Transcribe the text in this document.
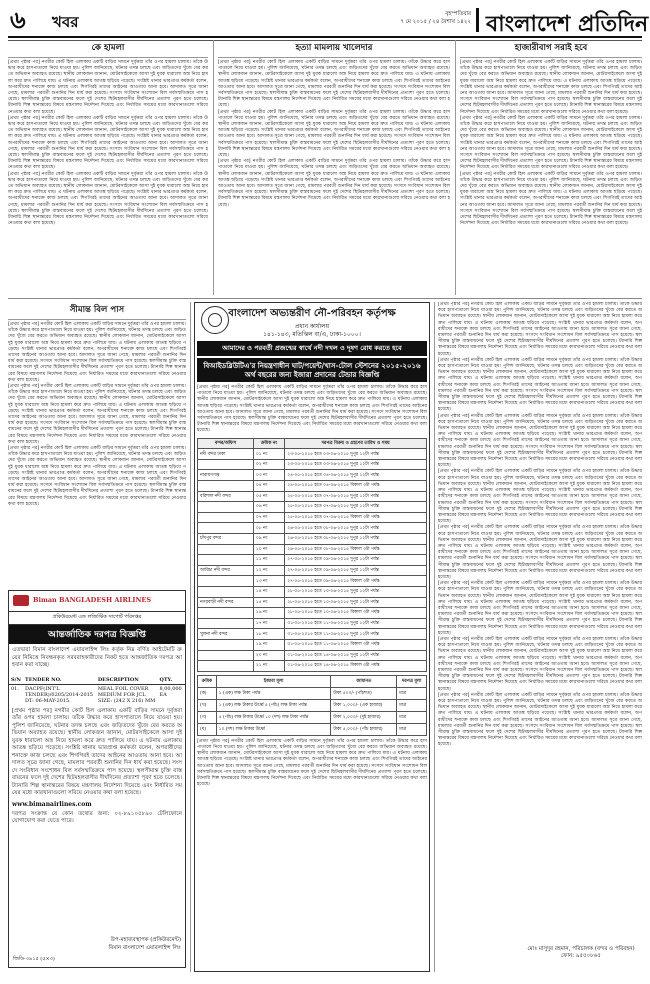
৬ খবর	বৃহস্পতিবার
৭ মে ২০১৫ / ২৪ বৈশাখ ১৪২২ বাংলাদেশ প্রতিদিন
কে হামলা
[প্রথম পৃষ্ঠার পর] নগরীর কোর্ট হিল এলাকায় একটি বাড়ির সামনে দুর্বৃত্তরা তাঁর ওপর হামলা চালায়। তাঁকে উদ্ধার করে হাসপাতালে নিয়ে যাওয়া হয়। পুলিশ জানিয়েছে, ঘটনার তদন্ত চলছে এবং জড়িতদের খুঁজে বের করতে অভিযান অব্যাহত রয়েছে। স্থানীয় লোকজন জানান, মোটরসাইকেলে আসা দুই যুবক ধারালো অস্ত্র নিয়ে হামলা করে দ্রুত পালিয়ে যায়। এ ঘটনায় এলাকায় আতঙ্ক ছড়িয়ে পড়েছে। সংশ্লিষ্ট থানার ভারপ্রাপ্ত কর্মকর্তা বলেন, অপরাধীদের শনাক্তে কাজ চলছে এবং শিগগিরই তাদের আইনের আওতায় আনা হবে। আদালত সূত্রে জানা গেছে, মামলার পরবর্তী শুনানির দিন ধার্য করা হয়েছে। সংসদে সংবিধান সংশোধন বিল সর্বসম্মতিক্রমে পাস হয়েছে। স্থলসীমান্ত চুক্তি বাস্তবায়নের ফলে দুই দেশের ছিটমহলবাসীর দীর্ঘদিনের প্রত্যাশা পূরণ হতে চলেছে। ট্যানারি শিল্প স্থানান্তরের বিষয়ে মন্ত্রণালয় নির্দেশনা দিয়েছে এবং নির্ধারিত সময়ের মধ্যে কারখানাগুলো সরিয়ে নেওয়ার কথা বলা হয়েছে।
[প্রথম পৃষ্ঠার পর] নগরীর কোর্ট হিল এলাকায় একটি বাড়ির সামনে দুর্বৃত্তরা তাঁর ওপর হামলা চালায়। তাঁকে উদ্ধার করে হাসপাতালে নিয়ে যাওয়া হয়। পুলিশ জানিয়েছে, ঘটনার তদন্ত চলছে এবং জড়িতদের খুঁজে বের করতে অভিযান অব্যাহত রয়েছে। স্থানীয় লোকজন জানান, মোটরসাইকেলে আসা দুই যুবক ধারালো অস্ত্র নিয়ে হামলা করে দ্রুত পালিয়ে যায়। এ ঘটনায় এলাকায় আতঙ্ক ছড়িয়ে পড়েছে। সংশ্লিষ্ট থানার ভারপ্রাপ্ত কর্মকর্তা বলেন, অপরাধীদের শনাক্তে কাজ চলছে এবং শিগগিরই তাদের আইনের আওতায় আনা হবে। আদালত সূত্রে জানা গেছে, মামলার পরবর্তী শুনানির দিন ধার্য করা হয়েছে। সংসদে সংবিধান সংশোধন বিল সর্বসম্মতিক্রমে পাস হয়েছে। স্থলসীমান্ত চুক্তি বাস্তবায়নের ফলে দুই দেশের ছিটমহলবাসীর দীর্ঘদিনের প্রত্যাশা পূরণ হতে চলেছে। ট্যানারি শিল্প স্থানান্তরের বিষয়ে মন্ত্রণালয় নির্দেশনা দিয়েছে এবং নির্ধারিত সময়ের মধ্যে কারখানাগুলো সরিয়ে নেওয়ার কথা বলা হয়েছে।
[প্রথম পৃষ্ঠার পর] নগরীর কোর্ট হিল এলাকায় একটি বাড়ির সামনে দুর্বৃত্তরা তাঁর ওপর হামলা চালায়। তাঁকে উদ্ধার করে হাসপাতালে নিয়ে যাওয়া হয়। পুলিশ জানিয়েছে, ঘটনার তদন্ত চলছে এবং জড়িতদের খুঁজে বের করতে অভিযান অব্যাহত রয়েছে। স্থানীয় লোকজন জানান, মোটরসাইকেলে আসা দুই যুবক ধারালো অস্ত্র নিয়ে হামলা করে দ্রুত পালিয়ে যায়। এ ঘটনায় এলাকায় আতঙ্ক ছড়িয়ে পড়েছে। সংশ্লিষ্ট থানার ভারপ্রাপ্ত কর্মকর্তা বলেন, অপরাধীদের শনাক্তে কাজ চলছে এবং শিগগিরই তাদের আইনের আওতায় আনা হবে। আদালত সূত্রে জানা গেছে, মামলার পরবর্তী শুনানির দিন ধার্য করা হয়েছে। সংসদে সংবিধান সংশোধন বিল সর্বসম্মতিক্রমে পাস হয়েছে। স্থলসীমান্ত চুক্তি বাস্তবায়নের ফলে দুই দেশের ছিটমহলবাসীর দীর্ঘদিনের প্রত্যাশা পূরণ হতে চলেছে। ট্যানারি শিল্প স্থানান্তরের বিষয়ে মন্ত্রণালয় নির্দেশনা দিয়েছে এবং নির্ধারিত সময়ের মধ্যে কারখানাগুলো সরিয়ে নেওয়ার কথা বলা হয়েছে।
হত্যা মামলায় খালেদার
[প্রথম পৃষ্ঠার পর] নগরীর কোর্ট হিল এলাকায় একটি বাড়ির সামনে দুর্বৃত্তরা তাঁর ওপর হামলা চালায়। তাঁকে উদ্ধার করে হাসপাতালে নিয়ে যাওয়া হয়। পুলিশ জানিয়েছে, ঘটনার তদন্ত চলছে এবং জড়িতদের খুঁজে বের করতে অভিযান অব্যাহত রয়েছে। স্থানীয় লোকজন জানান, মোটরসাইকেলে আসা দুই যুবক ধারালো অস্ত্র নিয়ে হামলা করে দ্রুত পালিয়ে যায়। এ ঘটনায় এলাকায় আতঙ্ক ছড়িয়ে পড়েছে। সংশ্লিষ্ট থানার ভারপ্রাপ্ত কর্মকর্তা বলেন, অপরাধীদের শনাক্তে কাজ চলছে এবং শিগগিরই তাদের আইনের আওতায় আনা হবে। আদালত সূত্রে জানা গেছে, মামলার পরবর্তী শুনানির দিন ধার্য করা হয়েছে। সংসদে সংবিধান সংশোধন বিল সর্বসম্মতিক্রমে পাস হয়েছে। স্থলসীমান্ত চুক্তি বাস্তবায়নের ফলে দুই দেশের ছিটমহলবাসীর দীর্ঘদিনের প্রত্যাশা পূরণ হতে চলেছে। ট্যানারি শিল্প স্থানান্তরের বিষয়ে মন্ত্রণালয় নির্দেশনা দিয়েছে এবং নির্ধারিত সময়ের মধ্যে কারখানাগুলো সরিয়ে নেওয়ার কথা বলা হয়েছে।
[প্রথম পৃষ্ঠার পর] নগরীর কোর্ট হিল এলাকায় একটি বাড়ির সামনে দুর্বৃত্তরা তাঁর ওপর হামলা চালায়। তাঁকে উদ্ধার করে হাসপাতালে নিয়ে যাওয়া হয়। পুলিশ জানিয়েছে, ঘটনার তদন্ত চলছে এবং জড়িতদের খুঁজে বের করতে অভিযান অব্যাহত রয়েছে। স্থানীয় লোকজন জানান, মোটরসাইকেলে আসা দুই যুবক ধারালো অস্ত্র নিয়ে হামলা করে দ্রুত পালিয়ে যায়। এ ঘটনায় এলাকায় আতঙ্ক ছড়িয়ে পড়েছে। সংশ্লিষ্ট থানার ভারপ্রাপ্ত কর্মকর্তা বলেন, অপরাধীদের শনাক্তে কাজ চলছে এবং শিগগিরই তাদের আইনের আওতায় আনা হবে। আদালত সূত্রে জানা গেছে, মামলার পরবর্তী শুনানির দিন ধার্য করা হয়েছে। সংসদে সংবিধান সংশোধন বিল সর্বসম্মতিক্রমে পাস হয়েছে। স্থলসীমান্ত চুক্তি বাস্তবায়নের ফলে দুই দেশের ছিটমহলবাসীর দীর্ঘদিনের প্রত্যাশা পূরণ হতে চলেছে। ট্যানারি শিল্প স্থানান্তরের বিষয়ে মন্ত্রণালয় নির্দেশনা দিয়েছে এবং নির্ধারিত সময়ের মধ্যে কারখানাগুলো সরিয়ে নেওয়ার কথা বলা হয়েছে।
[প্রথম পৃষ্ঠার পর] নগরীর কোর্ট হিল এলাকায় একটি বাড়ির সামনে দুর্বৃত্তরা তাঁর ওপর হামলা চালায়। তাঁকে উদ্ধার করে হাসপাতালে নিয়ে যাওয়া হয়। পুলিশ জানিয়েছে, ঘটনার তদন্ত চলছে এবং জড়িতদের খুঁজে বের করতে অভিযান অব্যাহত রয়েছে। স্থানীয় লোকজন জানান, মোটরসাইকেলে আসা দুই যুবক ধারালো অস্ত্র নিয়ে হামলা করে দ্রুত পালিয়ে যায়। এ ঘটনায় এলাকায় আতঙ্ক ছড়িয়ে পড়েছে। সংশ্লিষ্ট থানার ভারপ্রাপ্ত কর্মকর্তা বলেন, অপরাধীদের শনাক্তে কাজ চলছে এবং শিগগিরই তাদের আইনের আওতায় আনা হবে। আদালত সূত্রে জানা গেছে, মামলার পরবর্তী শুনানির দিন ধার্য করা হয়েছে। সংসদে সংবিধান সংশোধন বিল সর্বসম্মতিক্রমে পাস হয়েছে। স্থলসীমান্ত চুক্তি বাস্তবায়নের ফলে দুই দেশের ছিটমহলবাসীর দীর্ঘদিনের প্রত্যাশা পূরণ হতে চলেছে। ট্যানারি শিল্প স্থানান্তরের বিষয়ে মন্ত্রণালয় নির্দেশনা দিয়েছে এবং নির্ধারিত সময়ের মধ্যে কারখানাগুলো সরিয়ে নেওয়ার কথা বলা হয়েছে।
হাজারীবাগ সরাই হবে
[প্রথম পৃষ্ঠার পর] নগরীর কোর্ট হিল এলাকায় একটি বাড়ির সামনে দুর্বৃত্তরা তাঁর ওপর হামলা চালায়। তাঁকে উদ্ধার করে হাসপাতালে নিয়ে যাওয়া হয়। পুলিশ জানিয়েছে, ঘটনার তদন্ত চলছে এবং জড়িতদের খুঁজে বের করতে অভিযান অব্যাহত রয়েছে। স্থানীয় লোকজন জানান, মোটরসাইকেলে আসা দুই যুবক ধারালো অস্ত্র নিয়ে হামলা করে দ্রুত পালিয়ে যায়। এ ঘটনায় এলাকায় আতঙ্ক ছড়িয়ে পড়েছে। সংশ্লিষ্ট থানার ভারপ্রাপ্ত কর্মকর্তা বলেন, অপরাধীদের শনাক্তে কাজ চলছে এবং শিগগিরই তাদের আইনের আওতায় আনা হবে। আদালত সূত্রে জানা গেছে, মামলার পরবর্তী শুনানির দিন ধার্য করা হয়েছে। সংসদে সংবিধান সংশোধন বিল সর্বসম্মতিক্রমে পাস হয়েছে। স্থলসীমান্ত চুক্তি বাস্তবায়নের ফলে দুই দেশের ছিটমহলবাসীর দীর্ঘদিনের প্রত্যাশা পূরণ হতে চলেছে। ট্যানারি শিল্প স্থানান্তরের বিষয়ে মন্ত্রণালয় নির্দেশনা দিয়েছে এবং নির্ধারিত সময়ের মধ্যে কারখানাগুলো সরিয়ে নেওয়ার কথা বলা হয়েছে।
[প্রথম পৃষ্ঠার পর] নগরীর কোর্ট হিল এলাকায় একটি বাড়ির সামনে দুর্বৃত্তরা তাঁর ওপর হামলা চালায়। তাঁকে উদ্ধার করে হাসপাতালে নিয়ে যাওয়া হয়। পুলিশ জানিয়েছে, ঘটনার তদন্ত চলছে এবং জড়িতদের খুঁজে বের করতে অভিযান অব্যাহত রয়েছে। স্থানীয় লোকজন জানান, মোটরসাইকেলে আসা দুই যুবক ধারালো অস্ত্র নিয়ে হামলা করে দ্রুত পালিয়ে যায়। এ ঘটনায় এলাকায় আতঙ্ক ছড়িয়ে পড়েছে। সংশ্লিষ্ট থানার ভারপ্রাপ্ত কর্মকর্তা বলেন, অপরাধীদের শনাক্তে কাজ চলছে এবং শিগগিরই তাদের আইনের আওতায় আনা হবে। আদালত সূত্রে জানা গেছে, মামলার পরবর্তী শুনানির দিন ধার্য করা হয়েছে। সংসদে সংবিধান সংশোধন বিল সর্বসম্মতিক্রমে পাস হয়েছে। স্থলসীমান্ত চুক্তি বাস্তবায়নের ফলে দুই দেশের ছিটমহলবাসীর দীর্ঘদিনের প্রত্যাশা পূরণ হতে চলেছে। ট্যানারি শিল্প স্থানান্তরের বিষয়ে মন্ত্রণালয় নির্দেশনা দিয়েছে এবং নির্ধারিত সময়ের মধ্যে কারখানাগুলো সরিয়ে নেওয়ার কথা বলা হয়েছে।
[প্রথম পৃষ্ঠার পর] নগরীর কোর্ট হিল এলাকায় একটি বাড়ির সামনে দুর্বৃত্তরা তাঁর ওপর হামলা চালায়। তাঁকে উদ্ধার করে হাসপাতালে নিয়ে যাওয়া হয়। পুলিশ জানিয়েছে, ঘটনার তদন্ত চলছে এবং জড়িতদের খুঁজে বের করতে অভিযান অব্যাহত রয়েছে। স্থানীয় লোকজন জানান, মোটরসাইকেলে আসা দুই যুবক ধারালো অস্ত্র নিয়ে হামলা করে দ্রুত পালিয়ে যায়। এ ঘটনায় এলাকায় আতঙ্ক ছড়িয়ে পড়েছে। সংশ্লিষ্ট থানার ভারপ্রাপ্ত কর্মকর্তা বলেন, অপরাধীদের শনাক্তে কাজ চলছে এবং শিগগিরই তাদের আইনের আওতায় আনা হবে। আদালত সূত্রে জানা গেছে, মামলার পরবর্তী শুনানির দিন ধার্য করা হয়েছে। সংসদে সংবিধান সংশোধন বিল সর্বসম্মতিক্রমে পাস হয়েছে। স্থলসীমান্ত চুক্তি বাস্তবায়নের ফলে দুই দেশের ছিটমহলবাসীর দীর্ঘদিনের প্রত্যাশা পূরণ হতে চলেছে। ট্যানারি শিল্প স্থানান্তরের বিষয়ে মন্ত্রণালয় নির্দেশনা দিয়েছে এবং নির্ধারিত সময়ের মধ্যে কারখানাগুলো সরিয়ে নেওয়ার কথা বলা হয়েছে।
সীমান্ত বিল পাস
[প্রথম পৃষ্ঠার পর] নগরীর কোর্ট হিল এলাকায় একটি বাড়ির সামনে দুর্বৃত্তরা তাঁর ওপর হামলা চালায়। তাঁকে উদ্ধার করে হাসপাতালে নিয়ে যাওয়া হয়। পুলিশ জানিয়েছে, ঘটনার তদন্ত চলছে এবং জড়িতদের খুঁজে বের করতে অভিযান অব্যাহত রয়েছে। স্থানীয় লোকজন জানান, মোটরসাইকেলে আসা দুই যুবক ধারালো অস্ত্র নিয়ে হামলা করে দ্রুত পালিয়ে যায়। এ ঘটনায় এলাকায় আতঙ্ক ছড়িয়ে পড়েছে। সংশ্লিষ্ট থানার ভারপ্রাপ্ত কর্মকর্তা বলেন, অপরাধীদের শনাক্তে কাজ চলছে এবং শিগগিরই তাদের আইনের আওতায় আনা হবে। আদালত সূত্রে জানা গেছে, মামলার পরবর্তী শুনানির দিন ধার্য করা হয়েছে। সংসদে সংবিধান সংশোধন বিল সর্বসম্মতিক্রমে পাস হয়েছে। স্থলসীমান্ত চুক্তি বাস্তবায়নের ফলে দুই দেশের ছিটমহলবাসীর দীর্ঘদিনের প্রত্যাশা পূরণ হতে চলেছে। ট্যানারি শিল্প স্থানান্তরের বিষয়ে মন্ত্রণালয় নির্দেশনা দিয়েছে এবং নির্ধারিত সময়ের মধ্যে কারখানাগুলো সরিয়ে নেওয়ার কথা বলা হয়েছে।
[প্রথম পৃষ্ঠার পর] নগরীর কোর্ট হিল এলাকায় একটি বাড়ির সামনে দুর্বৃত্তরা তাঁর ওপর হামলা চালায়। তাঁকে উদ্ধার করে হাসপাতালে নিয়ে যাওয়া হয়। পুলিশ জানিয়েছে, ঘটনার তদন্ত চলছে এবং জড়িতদের খুঁজে বের করতে অভিযান অব্যাহত রয়েছে। স্থানীয় লোকজন জানান, মোটরসাইকেলে আসা দুই যুবক ধারালো অস্ত্র নিয়ে হামলা করে দ্রুত পালিয়ে যায়। এ ঘটনায় এলাকায় আতঙ্ক ছড়িয়ে পড়েছে। সংশ্লিষ্ট থানার ভারপ্রাপ্ত কর্মকর্তা বলেন, অপরাধীদের শনাক্তে কাজ চলছে এবং শিগগিরই তাদের আইনের আওতায় আনা হবে। আদালত সূত্রে জানা গেছে, মামলার পরবর্তী শুনানির দিন ধার্য করা হয়েছে। সংসদে সংবিধান সংশোধন বিল সর্বসম্মতিক্রমে পাস হয়েছে। স্থলসীমান্ত চুক্তি বাস্তবায়নের ফলে দুই দেশের ছিটমহলবাসীর দীর্ঘদিনের প্রত্যাশা পূরণ হতে চলেছে। ট্যানারি শিল্প স্থানান্তরের বিষয়ে মন্ত্রণালয় নির্দেশনা দিয়েছে এবং নির্ধারিত সময়ের মধ্যে কারখানাগুলো সরিয়ে নেওয়ার কথা বলা হয়েছে।
[প্রথম পৃষ্ঠার পর] নগরীর কোর্ট হিল এলাকায় একটি বাড়ির সামনে দুর্বৃত্তরা তাঁর ওপর হামলা চালায়। তাঁকে উদ্ধার করে হাসপাতালে নিয়ে যাওয়া হয়। পুলিশ জানিয়েছে, ঘটনার তদন্ত চলছে এবং জড়িতদের খুঁজে বের করতে অভিযান অব্যাহত রয়েছে। স্থানীয় লোকজন জানান, মোটরসাইকেলে আসা দুই যুবক ধারালো অস্ত্র নিয়ে হামলা করে দ্রুত পালিয়ে যায়। এ ঘটনায় এলাকায় আতঙ্ক ছড়িয়ে পড়েছে। সংশ্লিষ্ট থানার ভারপ্রাপ্ত কর্মকর্তা বলেন, অপরাধীদের শনাক্তে কাজ চলছে এবং শিগগিরই তাদের আইনের আওতায় আনা হবে। আদালত সূত্রে জানা গেছে, মামলার পরবর্তী শুনানির দিন ধার্য করা হয়েছে। সংসদে সংবিধান সংশোধন বিল সর্বসম্মতিক্রমে পাস হয়েছে। স্থলসীমান্ত চুক্তি বাস্তবায়নের ফলে দুই দেশের ছিটমহলবাসীর দীর্ঘদিনের প্রত্যাশা পূরণ হতে চলেছে। ট্যানারি শিল্প স্থানান্তরের বিষয়ে মন্ত্রণালয় নির্দেশনা দিয়েছে এবং নির্ধারিত সময়ের মধ্যে কারখানাগুলো সরিয়ে নেওয়ার কথা বলা হয়েছে।
Biman BANGLADESH AIRLINES
প্রকিউরমেন্ট এন্ড লজিস্টিক সাপোর্ট পরিদপ্তর
আন্তর্জাতিক দরপত্র বিজ্ঞপ্তি
এতদ্বারা বিমান বাংলাদেশ এয়ারলাইন্স লিঃ কর্তৃক নিম্ন বর্ণিত আইটেমটি ক্রয়ের নিমিত্তে নিবন্ধনকৃত সরবরাহকারীদের নিকট হতে আন্তর্জাতিক দরপত্র আহবান করা যাচ্ছে।
S/N	TENDER NO.	DESCRIPTION	QTY.
01.	DACPF(INT'L TENDER)/0205/2014-2015 DT: 06-MAY-2015.	MEAL FOIL COVER MEDIUM FOR JCL SIZE: (242 X 216) MM	8,00,000 EA
[প্রথম পৃষ্ঠার পর] নগরীর কোর্ট হিল এলাকায় একটি বাড়ির সামনে দুর্বৃত্তরা তাঁর ওপর হামলা চালায়। তাঁকে উদ্ধার করে হাসপাতালে নিয়ে যাওয়া হয়। পুলিশ জানিয়েছে, ঘটনার তদন্ত চলছে এবং জড়িতদের খুঁজে বের করতে অভিযান অব্যাহত রয়েছে। স্থানীয় লোকজন জানান, মোটরসাইকেলে আসা দুই যুবক ধারালো অস্ত্র নিয়ে হামলা করে দ্রুত পালিয়ে যায়। এ ঘটনায় এলাকায় আতঙ্ক ছড়িয়ে পড়েছে। সংশ্লিষ্ট থানার ভারপ্রাপ্ত কর্মকর্তা বলেন, অপরাধীদের শনাক্তে কাজ চলছে এবং শিগগিরই তাদের আইনের আওতায় আনা হবে। আদালত সূত্রে জানা গেছে, মামলার পরবর্তী শুনানির দিন ধার্য করা হয়েছে। সংসদে সংবিধান সংশোধন বিল সর্বসম্মতিক্রমে পাস হয়েছে। স্থলসীমান্ত চুক্তি বাস্তবায়নের ফলে দুই দেশের ছিটমহলবাসীর দীর্ঘদিনের প্রত্যাশা পূরণ হতে চলেছে। ট্যানারি শিল্প স্থানান্তরের বিষয়ে মন্ত্রণালয় নির্দেশনা দিয়েছে এবং নির্ধারিত সময়ের মধ্যে কারখানাগুলো সরিয়ে নেওয়ার কথা বলা হয়েছে।
www.bimanairlines.com
দরপত্র সংক্রান্ত যে কোন তথ্যের জন্য: ০২-৮৯১০৫৮৯০ টেলিফোনে যোগাযোগ করা যেতে পারে।
উপ-মহাব্যবস্থাপক (প্রকিউরমেন্ট)
বিমান বাংলাদেশ এয়ারলাইন্স লিঃ
জিডি-৩৯১৫ (৫×৩)
বাংলাদেশ অভ্যন্তরীণ নৌ-পরিবহন কর্তৃপক্ষ
প্রধান কার্যালয়
১৪১-১৪৩, মতিঝিল বা/এ, ঢাকা-১০০০।
আমাদের ও পরবর্তী প্রজন্মের স্বার্থে নদী দখল ও দূষণ রোধ করতে হবে
বিআইডব্লিউটিএ'র নিয়ন্ত্রণাধীন ঘাট/পয়েন্ট/খাস-টোল স্টেশনের ২০১৫-২০১৬ অর্থ বছরের জন্য ইজারা প্রদানের টেন্ডার বিজ্ঞপ্তি
[প্রথম পৃষ্ঠার পর] নগরীর কোর্ট হিল এলাকায় একটি বাড়ির সামনে দুর্বৃত্তরা তাঁর ওপর হামলা চালায়। তাঁকে উদ্ধার করে হাসপাতালে নিয়ে যাওয়া হয়। পুলিশ জানিয়েছে, ঘটনার তদন্ত চলছে এবং জড়িতদের খুঁজে বের করতে অভিযান অব্যাহত রয়েছে। স্থানীয় লোকজন জানান, মোটরসাইকেলে আসা দুই যুবক ধারালো অস্ত্র নিয়ে হামলা করে দ্রুত পালিয়ে যায়। এ ঘটনায় এলাকায় আতঙ্ক ছড়িয়ে পড়েছে। সংশ্লিষ্ট থানার ভারপ্রাপ্ত কর্মকর্তা বলেন, অপরাধীদের শনাক্তে কাজ চলছে এবং শিগগিরই তাদের আইনের আওতায় আনা হবে। আদালত সূত্রে জানা গেছে, মামলার পরবর্তী শুনানির দিন ধার্য করা হয়েছে। সংসদে সংবিধান সংশোধন বিল সর্বসম্মতিক্রমে পাস হয়েছে। স্থলসীমান্ত চুক্তি বাস্তবায়নের ফলে দুই দেশের ছিটমহলবাসীর দীর্ঘদিনের প্রত্যাশা পূরণ হতে চলেছে। ট্যানারি শিল্প স্থানান্তরের বিষয়ে মন্ত্রণালয় নির্দেশনা দিয়েছে এবং নির্ধারিত সময়ের মধ্যে কারখানাগুলো সরিয়ে নেওয়ার কথা বলা হয়েছে।
বন্দর/অফিস	ক্রমিক নং	দরপত্র বিক্রয় ও গ্রহণের তারিখ ও সময়
নদী বন্দর ঢাকা	০১ নং	২৩-০৫-২০১৫ হতে ০৩-০৬-২০১৫ দুপুর ১২টা পর্যন্ত
	০২ নং	২৩-০৫-২০১৫ হতে ০৩-০৬-২০১৫ দুপুর ১২টা পর্যন্ত
নারায়ণগঞ্জ	০৩ নং	২৪-০৫-২০১৫ হতে ০৪-০৬-২০১৫ দুপুর ১২টা পর্যন্ত
	০৪ নং	২৪-০৫-২০১৫ হতে ০৪-০৬-২০১৫ বিকাল ৩টা পর্যন্ত
বরিশাল নদী বন্দর	০৫ নং	২৫-০৫-২০১৫ হতে ০৭-০৬-২০১৫ দুপুর ১২টা পর্যন্ত
	০৬ নং	২৫-০৫-২০১৫ হতে ০৭-০৬-২০১৫ দুপুর ১২টা পর্যন্ত
	০৭ নং	২৫-০৫-২০১৫ হতে ০৭-০৬-২০১৫ বিকাল ৩টা পর্যন্ত
	০৮ নং	২৬-০৫-২০১৫ হতে ০৮-০৬-২০১৫ দুপুর ১২টা পর্যন্ত
চাঁদপুর বন্দর	০৯ নং	২৬-০৫-২০১৫ হতে ০৮-০৬-২০১৫ দুপুর ১২টা পর্যন্ত
	১০ নং	২৬-০৫-২০১৫ হতে ০৮-০৬-২০১৫ বিকাল ৩টা পর্যন্ত
	১১ নং	২৭-০৫-২০১৫ হতে ০৯-০৬-২০১৫ দুপুর ১২টা পর্যন্ত
আরিচা নদী বন্দর	১২ নং	২৭-০৫-২০১৫ হতে ০৯-০৬-২০১৫ দুপুর ১২টা পর্যন্ত
	১৩ নং	২৭-০৫-২০১৫ হতে ০৯-০৬-২০১৫ বিকাল ৩টা পর্যন্ত
	১৪ নং	২৮-০৫-২০১৫ হতে ১০-০৬-২০১৫ দুপুর ১২টা পর্যন্ত
নগরবাড়ী নদী বন্দর	১৫ নং	২৮-০৫-২০১৫ হতে ১০-০৬-২০১৫ দুপুর ১২টা পর্যন্ত
	১৬ নং	২৮-০৫-২০১৫ হতে ১০-০৬-২০১৫ বিকাল ৩টা পর্যন্ত
	১৭ নং	৩১-০৫-২০১৫ হতে ১১-০৬-২০১৫ দুপুর ১২টা পর্যন্ত
খুলনা নদী বন্দর	১৮ নং	৩১-০৫-২০১৫ হতে ১১-০৬-২০১৫ দুপুর ১২টা পর্যন্ত
	১৯ নং	৩১-০৫-২০১৫ হতে ১১-০৬-২০১৫ বিকাল ৩টা পর্যন্ত
	২০ নং	০১-০৬-২০১৫ হতে ১৪-০৬-২০১৫ দুপুর ১২টা পর্যন্ত
	২১ নং	০১-০৬-২০১৫ হতে ১৪-০৬-২০১৫ বিকাল ৩টা পর্যন্ত
ক্রমিক	ইজারা মূল্য	জামানত	দরপত্র মূল্য
(ক)	১ (এক) লক্ষ টাকা পর্যন্ত	টাকা ৫০০/- (পাঁচশত)	মাত্র
(খ)	১ (এক) লক্ষ টাকার উর্ধ্বে ৫ (পাঁচ) লক্ষ টাকা পর্যন্ত	টাকা ১,০০০/- (এক হাজার)	মাত্র
(গ)	৫ (পাঁচ) লক্ষ টাকার উর্ধ্বে ১০ (দশ) লক্ষ টাকা পর্যন্ত	টাকা ২,০০০/- (দুই হাজার)	মাত্র
(ঘ)	১০ (দশ) লক্ষ টাকার উর্ধ্বে	টাকা ৫,০০০/- (পাঁচ হাজার)	মাত্র
[প্রথম পৃষ্ঠার পর] নগরীর কোর্ট হিল এলাকায় একটি বাড়ির সামনে দুর্বৃত্তরা তাঁর ওপর হামলা চালায়। তাঁকে উদ্ধার করে হাসপাতালে নিয়ে যাওয়া হয়। পুলিশ জানিয়েছে, ঘটনার তদন্ত চলছে এবং জড়িতদের খুঁজে বের করতে অভিযান অব্যাহত রয়েছে। স্থানীয় লোকজন জানান, মোটরসাইকেলে আসা দুই যুবক ধারালো অস্ত্র নিয়ে হামলা করে দ্রুত পালিয়ে যায়। এ ঘটনায় এলাকায় আতঙ্ক ছড়িয়ে পড়েছে। সংশ্লিষ্ট থানার ভারপ্রাপ্ত কর্মকর্তা বলেন, অপরাধীদের শনাক্তে কাজ চলছে এবং শিগগিরই তাদের আইনের আওতায় আনা হবে। আদালত সূত্রে জানা গেছে, মামলার পরবর্তী শুনানির দিন ধার্য করা হয়েছে। সংসদে সংবিধান সংশোধন বিল সর্বসম্মতিক্রমে পাস হয়েছে। স্থলসীমান্ত চুক্তি বাস্তবায়নের ফলে দুই দেশের ছিটমহলবাসীর দীর্ঘদিনের প্রত্যাশা পূরণ হতে চলেছে। ট্যানারি শিল্প স্থানান্তরের বিষয়ে মন্ত্রণালয় নির্দেশনা দিয়েছে এবং নির্ধারিত সময়ের মধ্যে কারখানাগুলো সরিয়ে নেওয়ার কথা বলা হয়েছে।
[প্রথম পৃষ্ঠার পর] নগরীর কোর্ট হিল এলাকায় একটি বাড়ির সামনে দুর্বৃত্তরা তাঁর ওপর হামলা চালায়। তাঁকে উদ্ধার করে হাসপাতালে নিয়ে যাওয়া হয়। পুলিশ জানিয়েছে, ঘটনার তদন্ত চলছে এবং জড়িতদের খুঁজে বের করতে অভিযান অব্যাহত রয়েছে। স্থানীয় লোকজন জানান, মোটরসাইকেলে আসা দুই যুবক ধারালো অস্ত্র নিয়ে হামলা করে দ্রুত পালিয়ে যায়। এ ঘটনায় এলাকায় আতঙ্ক ছড়িয়ে পড়েছে। সংশ্লিষ্ট থানার ভারপ্রাপ্ত কর্মকর্তা বলেন, অপরাধীদের শনাক্তে কাজ চলছে এবং শিগগিরই তাদের আইনের আওতায় আনা হবে। আদালত সূত্রে জানা গেছে, মামলার পরবর্তী শুনানির দিন ধার্য করা হয়েছে। সংসদে সংবিধান সংশোধন বিল সর্বসম্মতিক্রমে পাস হয়েছে। স্থলসীমান্ত চুক্তি বাস্তবায়নের ফলে দুই দেশের ছিটমহলবাসীর দীর্ঘদিনের প্রত্যাশা পূরণ হতে চলেছে। ট্যানারি শিল্প স্থানান্তরের বিষয়ে মন্ত্রণালয় নির্দেশনা দিয়েছে এবং নির্ধারিত সময়ের মধ্যে কারখানাগুলো সরিয়ে নেওয়ার কথা বলা হয়েছে।
[প্রথম পৃষ্ঠার পর] নগরীর কোর্ট হিল এলাকায় একটি বাড়ির সামনে দুর্বৃত্তরা তাঁর ওপর হামলা চালায়। তাঁকে উদ্ধার করে হাসপাতালে নিয়ে যাওয়া হয়। পুলিশ জানিয়েছে, ঘটনার তদন্ত চলছে এবং জড়িতদের খুঁজে বের করতে অভিযান অব্যাহত রয়েছে। স্থানীয় লোকজন জানান, মোটরসাইকেলে আসা দুই যুবক ধারালো অস্ত্র নিয়ে হামলা করে দ্রুত পালিয়ে যায়। এ ঘটনায় এলাকায় আতঙ্ক ছড়িয়ে পড়েছে। সংশ্লিষ্ট থানার ভারপ্রাপ্ত কর্মকর্তা বলেন, অপরাধীদের শনাক্তে কাজ চলছে এবং শিগগিরই তাদের আইনের আওতায় আনা হবে। আদালত সূত্রে জানা গেছে, মামলার পরবর্তী শুনানির দিন ধার্য করা হয়েছে। সংসদে সংবিধান সংশোধন বিল সর্বসম্মতিক্রমে পাস হয়েছে। স্থলসীমান্ত চুক্তি বাস্তবায়নের ফলে দুই দেশের ছিটমহলবাসীর দীর্ঘদিনের প্রত্যাশা পূরণ হতে চলেছে। ট্যানারি শিল্প স্থানান্তরের বিষয়ে মন্ত্রণালয় নির্দেশনা দিয়েছে এবং নির্ধারিত সময়ের মধ্যে কারখানাগুলো সরিয়ে নেওয়ার কথা বলা হয়েছে।
[প্রথম পৃষ্ঠার পর] নগরীর কোর্ট হিল এলাকায় একটি বাড়ির সামনে দুর্বৃত্তরা তাঁর ওপর হামলা চালায়। তাঁকে উদ্ধার করে হাসপাতালে নিয়ে যাওয়া হয়। পুলিশ জানিয়েছে, ঘটনার তদন্ত চলছে এবং জড়িতদের খুঁজে বের করতে অভিযান অব্যাহত রয়েছে। স্থানীয় লোকজন জানান, মোটরসাইকেলে আসা দুই যুবক ধারালো অস্ত্র নিয়ে হামলা করে দ্রুত পালিয়ে যায়। এ ঘটনায় এলাকায় আতঙ্ক ছড়িয়ে পড়েছে। সংশ্লিষ্ট থানার ভারপ্রাপ্ত কর্মকর্তা বলেন, অপরাধীদের শনাক্তে কাজ চলছে এবং শিগগিরই তাদের আইনের আওতায় আনা হবে। আদালত সূত্রে জানা গেছে, মামলার পরবর্তী শুনানির দিন ধার্য করা হয়েছে। সংসদে সংবিধান সংশোধন বিল সর্বসম্মতিক্রমে পাস হয়েছে। স্থলসীমান্ত চুক্তি বাস্তবায়নের ফলে দুই দেশের ছিটমহলবাসীর দীর্ঘদিনের প্রত্যাশা পূরণ হতে চলেছে। ট্যানারি শিল্প স্থানান্তরের বিষয়ে মন্ত্রণালয় নির্দেশনা দিয়েছে এবং নির্ধারিত সময়ের মধ্যে কারখানাগুলো সরিয়ে নেওয়ার কথা বলা হয়েছে।
[প্রথম পৃষ্ঠার পর] নগরীর কোর্ট হিল এলাকায় একটি বাড়ির সামনে দুর্বৃত্তরা তাঁর ওপর হামলা চালায়। তাঁকে উদ্ধার করে হাসপাতালে নিয়ে যাওয়া হয়। পুলিশ জানিয়েছে, ঘটনার তদন্ত চলছে এবং জড়িতদের খুঁজে বের করতে অভিযান অব্যাহত রয়েছে। স্থানীয় লোকজন জানান, মোটরসাইকেলে আসা দুই যুবক ধারালো অস্ত্র নিয়ে হামলা করে দ্রুত পালিয়ে যায়। এ ঘটনায় এলাকায় আতঙ্ক ছড়িয়ে পড়েছে। সংশ্লিষ্ট থানার ভারপ্রাপ্ত কর্মকর্তা বলেন, অপরাধীদের শনাক্তে কাজ চলছে এবং শিগগিরই তাদের আইনের আওতায় আনা হবে। আদালত সূত্রে জানা গেছে, মামলার পরবর্তী শুনানির দিন ধার্য করা হয়েছে। সংসদে সংবিধান সংশোধন বিল সর্বসম্মতিক্রমে পাস হয়েছে। স্থলসীমান্ত চুক্তি বাস্তবায়নের ফলে দুই দেশের ছিটমহলবাসীর দীর্ঘদিনের প্রত্যাশা পূরণ হতে চলেছে। ট্যানারি শিল্প স্থানান্তরের বিষয়ে মন্ত্রণালয় নির্দেশনা দিয়েছে এবং নির্ধারিত সময়ের মধ্যে কারখানাগুলো সরিয়ে নেওয়ার কথা বলা হয়েছে।
[প্রথম পৃষ্ঠার পর] নগরীর কোর্ট হিল এলাকায় একটি বাড়ির সামনে দুর্বৃত্তরা তাঁর ওপর হামলা চালায়। তাঁকে উদ্ধার করে হাসপাতালে নিয়ে যাওয়া হয়। পুলিশ জানিয়েছে, ঘটনার তদন্ত চলছে এবং জড়িতদের খুঁজে বের করতে অভিযান অব্যাহত রয়েছে। স্থানীয় লোকজন জানান, মোটরসাইকেলে আসা দুই যুবক ধারালো অস্ত্র নিয়ে হামলা করে দ্রুত পালিয়ে যায়। এ ঘটনায় এলাকায় আতঙ্ক ছড়িয়ে পড়েছে। সংশ্লিষ্ট থানার ভারপ্রাপ্ত কর্মকর্তা বলেন, অপরাধীদের শনাক্তে কাজ চলছে এবং শিগগিরই তাদের আইনের আওতায় আনা হবে। আদালত সূত্রে জানা গেছে, মামলার পরবর্তী শুনানির দিন ধার্য করা হয়েছে। সংসদে সংবিধান সংশোধন বিল সর্বসম্মতিক্রমে পাস হয়েছে। স্থলসীমান্ত চুক্তি বাস্তবায়নের ফলে দুই দেশের ছিটমহলবাসীর দীর্ঘদিনের প্রত্যাশা পূরণ হতে চলেছে। ট্যানারি শিল্প স্থানান্তরের বিষয়ে মন্ত্রণালয় নির্দেশনা দিয়েছে এবং নির্ধারিত সময়ের মধ্যে কারখানাগুলো সরিয়ে নেওয়ার কথা বলা হয়েছে।
[প্রথম পৃষ্ঠার পর] নগরীর কোর্ট হিল এলাকায় একটি বাড়ির সামনে দুর্বৃত্তরা তাঁর ওপর হামলা চালায়। তাঁকে উদ্ধার করে হাসপাতালে নিয়ে যাওয়া হয়। পুলিশ জানিয়েছে, ঘটনার তদন্ত চলছে এবং জড়িতদের খুঁজে বের করতে অভিযান অব্যাহত রয়েছে। স্থানীয় লোকজন জানান, মোটরসাইকেলে আসা দুই যুবক ধারালো অস্ত্র নিয়ে হামলা করে দ্রুত পালিয়ে যায়। এ ঘটনায় এলাকায় আতঙ্ক ছড়িয়ে পড়েছে। সংশ্লিষ্ট থানার ভারপ্রাপ্ত কর্মকর্তা বলেন, অপরাধীদের শনাক্তে কাজ চলছে এবং শিগগিরই তাদের আইনের আওতায় আনা হবে। আদালত সূত্রে জানা গেছে, মামলার পরবর্তী শুনানির দিন ধার্য করা হয়েছে। সংসদে সংবিধান সংশোধন বিল সর্বসম্মতিক্রমে পাস হয়েছে। স্থলসীমান্ত চুক্তি বাস্তবায়নের ফলে দুই দেশের ছিটমহলবাসীর দীর্ঘদিনের প্রত্যাশা পূরণ হতে চলেছে। ট্যানারি শিল্প স্থানান্তরের বিষয়ে মন্ত্রণালয় নির্দেশনা দিয়েছে এবং নির্ধারিত সময়ের মধ্যে কারখানাগুলো সরিয়ে নেওয়ার কথা বলা হয়েছে।
[প্রথম পৃষ্ঠার পর] নগরীর কোর্ট হিল এলাকায় একটি বাড়ির সামনে দুর্বৃত্তরা তাঁর ওপর হামলা চালায়। তাঁকে উদ্ধার করে হাসপাতালে নিয়ে যাওয়া হয়। পুলিশ জানিয়েছে, ঘটনার তদন্ত চলছে এবং জড়িতদের খুঁজে বের করতে অভিযান অব্যাহত রয়েছে। স্থানীয় লোকজন জানান, মোটরসাইকেলে আসা দুই যুবক ধারালো অস্ত্র নিয়ে হামলা করে দ্রুত পালিয়ে যায়। এ ঘটনায় এলাকায় আতঙ্ক ছড়িয়ে পড়েছে। সংশ্লিষ্ট থানার ভারপ্রাপ্ত কর্মকর্তা বলেন, অপরাধীদের শনাক্তে কাজ চলছে এবং শিগগিরই তাদের আইনের আওতায় আনা হবে। আদালত সূত্রে জানা গেছে, মামলার পরবর্তী শুনানির দিন ধার্য করা হয়েছে। সংসদে সংবিধান সংশোধন বিল সর্বসম্মতিক্রমে পাস হয়েছে। স্থলসীমান্ত চুক্তি বাস্তবায়নের ফলে দুই দেশের ছিটমহলবাসীর দীর্ঘদিনের প্রত্যাশা পূরণ হতে চলেছে। ট্যানারি শিল্প স্থানান্তরের বিষয়ে মন্ত্রণালয় নির্দেশনা দিয়েছে এবং নির্ধারিত সময়ের মধ্যে কারখানাগুলো সরিয়ে নেওয়ার কথা বলা হয়েছে।
[প্রথম পৃষ্ঠার পর] নগরীর কোর্ট হিল এলাকায় একটি বাড়ির সামনে দুর্বৃত্তরা তাঁর ওপর হামলা চালায়। তাঁকে উদ্ধার করে হাসপাতালে নিয়ে যাওয়া হয়। পুলিশ জানিয়েছে, ঘটনার তদন্ত চলছে এবং জড়িতদের খুঁজে বের করতে অভিযান অব্যাহত রয়েছে। স্থানীয় লোকজন জানান, মোটরসাইকেলে আসা দুই যুবক ধারালো অস্ত্র নিয়ে হামলা করে দ্রুত পালিয়ে যায়। এ ঘটনায় এলাকায় আতঙ্ক ছড়িয়ে পড়েছে। সংশ্লিষ্ট থানার ভারপ্রাপ্ত কর্মকর্তা বলেন, অপরাধীদের শনাক্তে কাজ চলছে এবং শিগগিরই তাদের আইনের আওতায় আনা হবে। আদালত সূত্রে জানা গেছে, মামলার পরবর্তী শুনানির দিন ধার্য করা হয়েছে। সংসদে সংবিধান সংশোধন বিল সর্বসম্মতিক্রমে পাস হয়েছে। স্থলসীমান্ত চুক্তি বাস্তবায়নের ফলে দুই দেশের ছিটমহলবাসীর দীর্ঘদিনের প্রত্যাশা পূরণ হতে চলেছে। ট্যানারি শিল্প স্থানান্তরের বিষয়ে মন্ত্রণালয় নির্দেশনা দিয়েছে এবং নির্ধারিত সময়ের মধ্যে কারখানাগুলো সরিয়ে নেওয়ার কথা বলা হয়েছে।
মোঃ মাসুদুর রহমান, পরিচালক (বন্দর ও পরিবহন)
ফোন: ৯৫৫০৮৬৫
